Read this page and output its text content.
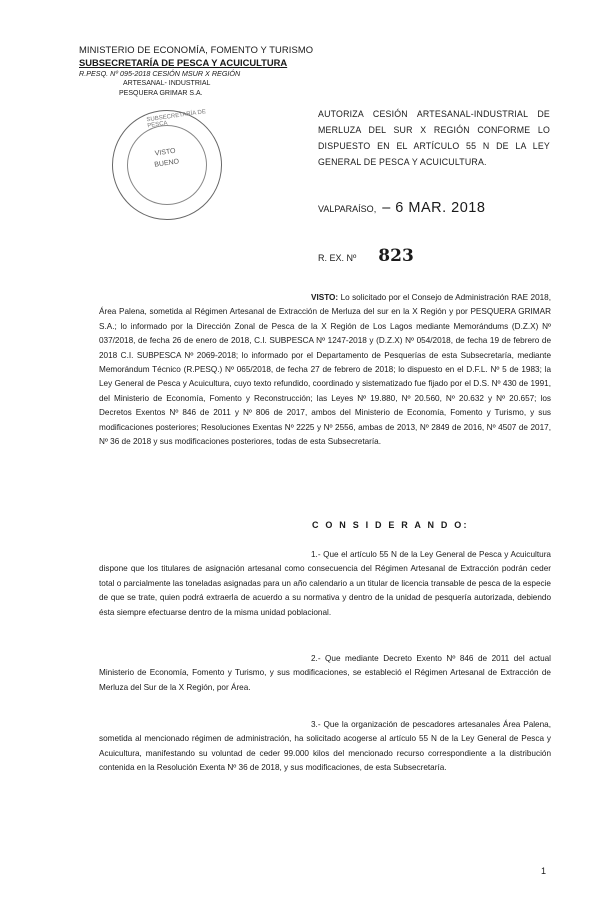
MINISTERIO DE ECONOMÍA, FOMENTO Y TURISMO
SUBSECRETARÍA DE PESCA Y ACUICULTURA
R.PESQ. Nº 095-2018 CESIÓN MSUR X REGIÓN
ARTESANAL- INDUSTRIAL
PESQUERA GRIMAR S.A.
SUBSECRETARÍA DE PESCA
VISTO
BUENO
AUTORIZA CESIÓN ARTESANAL-INDUSTRIAL DE MERLUZA DEL SUR X REGIÓN CONFORME LO DISPUESTO EN EL ARTÍCULO 55 N DE LA LEY GENERAL DE PESCA Y ACUICULTURA.
VALPARAÍSO, – 6 MAR. 2018
R. EX. Nº 823
VISTO: Lo solicitado por el Consejo de Administración RAE 2018, Área Palena, sometida al Régimen Artesanal de Extracción de Merluza del sur en la X Región y por PESQUERA GRIMAR S.A.; lo informado por la Dirección Zonal de Pesca de la X Región de Los Lagos mediante Memorándums (D.Z.X) Nº 037/2018, de fecha 26 de enero de 2018, C.I. SUBPESCA Nº 1247-2018 y (D.Z.X) Nº 054/2018, de fecha 19 de febrero de 2018 C.I. SUBPESCA Nº 2069-2018; lo informado por el Departamento de Pesquerías de esta Subsecretaría, mediante Memorándum Técnico (R.PESQ.) Nº 065/2018, de fecha 27 de febrero de 2018; lo dispuesto en el D.F.L. Nº 5 de 1983; la Ley General de Pesca y Acuicultura, cuyo texto refundido, coordinado y sistematizado fue fijado por el D.S. Nº 430 de 1991, del Ministerio de Economía, Fomento y Reconstrucción; las Leyes Nº 19.880, Nº 20.560, Nº 20.632 y Nº 20.657; los Decretos Exentos Nº 846 de 2011 y Nº 806 de 2017, ambos del Ministerio de Economía, Fomento y Turismo, y sus modificaciones posteriores; Resoluciones Exentas Nº 2225 y Nº 2556, ambas de 2013, Nº 2849 de 2016, Nº 4507 de 2017, Nº 36 de 2018 y sus modificaciones posteriores, todas de esta Subsecretaría.
C O N S I D E R A N D O:
1.- Que el artículo 55 N de la Ley General de Pesca y Acuicultura dispone que los titulares de asignación artesanal como consecuencia del Régimen Artesanal de Extracción podrán ceder total o parcialmente las toneladas asignadas para un año calendario a un titular de licencia transable de pesca de la especie de que se trate, quien podrá extraerla de acuerdo a su normativa y dentro de la unidad de pesquería autorizada, debiendo ésta siempre efectuarse dentro de la misma unidad poblacional.
2.- Que mediante Decreto Exento Nº 846 de 2011 del actual Ministerio de Economía, Fomento y Turismo, y sus modificaciones, se estableció el Régimen Artesanal de Extracción de Merluza del Sur de la X Región, por Área.
3.- Que la organización de pescadores artesanales Área Palena, sometida al mencionado régimen de administración, ha solicitado acogerse al artículo 55 N de la Ley General de Pesca y Acuicultura, manifestando su voluntad de ceder 99.000 kilos del mencionado recurso correspondiente a la distribución contenida en la Resolución Exenta Nº 36 de 2018, y sus modificaciones, de esta Subsecretaría.
1
